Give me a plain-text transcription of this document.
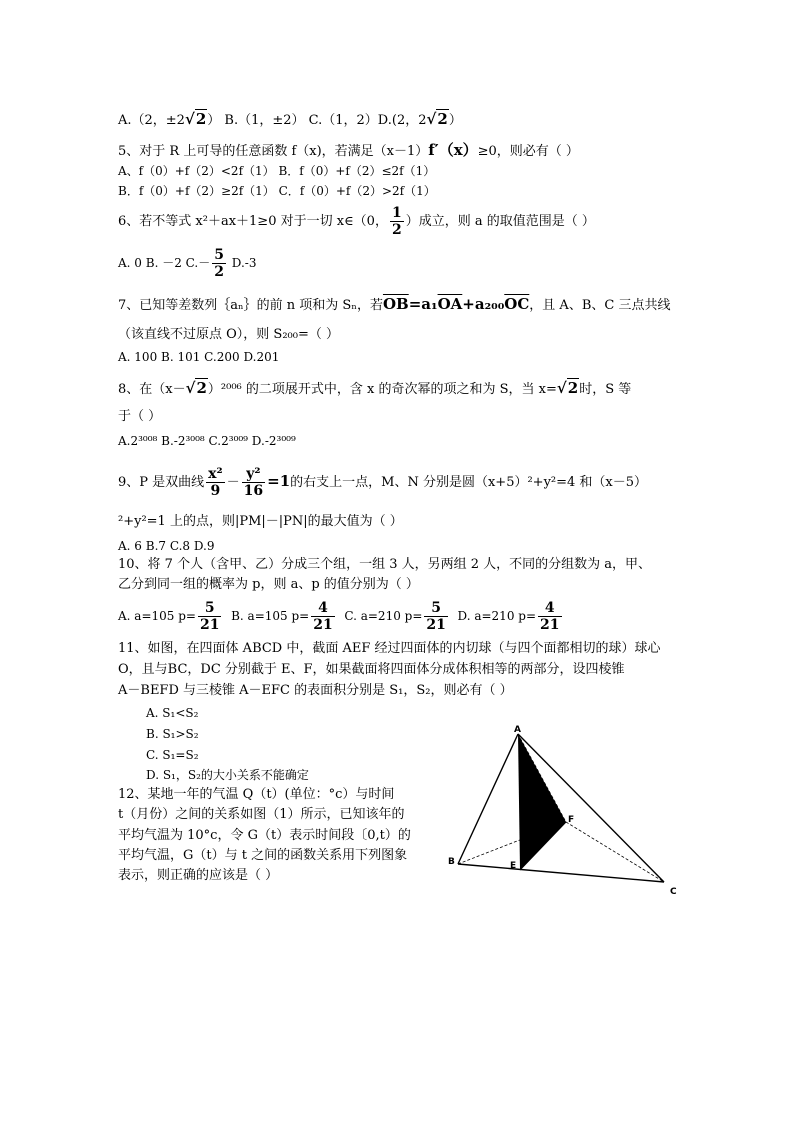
A.（2，±2√2） B.（1，±2） C.（1，2）D.(2，2√2）
5、对于 R 上可导的任意函数 f（x)，若满足（x－1）f′（x）≥0，则必有（ ）
A、f（0）+f（2）<2f（1） B．f（0）+f（2）≤2f（1）
B．f（0）+f（2）≥2f（1） C．f（0）+f（2）>2f（1）
6、若不等式 x²＋ax＋1≥0 对于一切 x∈（0， $\frac{1}{2}$ ）成立，则 a 的取值范围是（ ）
A. 0 B. －2 $C.- \frac{5}{2} D.-3$
7、已知等差数列｛aₙ｝的前 n 项和为 Sₙ，若$\overline{OB}=a_1\overline{OA}+a_{200}\overline{OC}$，且 A、B、C 三点共线
（该直线不过原点 O），则 S₂₀₀=（ ）
A. 100 B. 101 C.200 D.201
8、在（x－√2）²⁰⁰⁶ 的二项展开式中，含 x 的奇次幂的项之和为 S，当 x=√2时，S 等
于（ ）
A.2³⁰⁰⁸ B.-2³⁰⁰⁸ C.2³⁰⁰⁹ D.-2³⁰⁰⁹
9、P 是双曲线 $\frac{\text{x²}}{9} - \frac{\text{y²}}{16} =1$的右支上一点，M、N 分别是圆（x+5）²+y²=4 和（x－5）
²+y²=1 上的点，则|PM|－|PN|的最大值为（ ）
A. 6 B.7 C.8 D.9
10、将 7 个人（含甲、乙）分成三个组，一组 3 人，另两组 2 人，不同的分组数为 a，甲、
乙分到同一组的概率为 p，则 a、p 的值分别为（ ）
A. a=105 $p= \frac{5}{21} B$. a=105 $p= \frac{4}{21} C$. a=210 $p= \frac{5}{21} D$. a=210 $p= \frac{4}{21}$
11、如图，在四面体 ABCD 中，截面 AEF 经过四面体的内切球（与四个面都相切的球）球心
O，且与BC，DC 分别截于 E、F，如果截面将四面体分成体积相等的两部分，设四棱锥
A－BEFD 与三棱锥 A－EFC 的表面积分别是 S₁，S₂，则必有（ ）
A. S₁<S₂
B. S₁>S₂
C. S₁=S₂
D. S₁，S₂的大小关系不能确定
12、某地一年的气温 Q（t）(单位：°c）与时间
t（月份）之间的关系如图（1）所示，已知该年的
平均气温为 10°c，令 G（t）表示时间段〔0,t）的
平均气温，G（t）与 t 之间的函数关系用下列图象
表示，则正确的应该是（ ）
A
B
C
E
F
